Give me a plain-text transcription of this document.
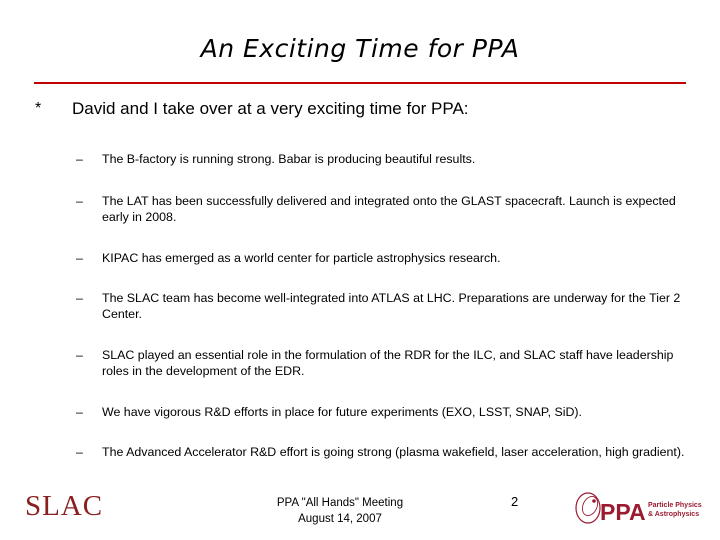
An Exciting Time for PPA
* David and I take over at a very exciting time for PPA:
– The B-factory is running strong. Babar is producing beautiful results.
– The LAT has been successfully delivered and integrated onto the GLAST spacecraft. Launch is expected early in 2008.
– KIPAC has emerged as a world center for particle astrophysics research.
– The SLAC team has become well-integrated into ATLAS at LHC. Preparations are underway for the Tier 2 Center.
– SLAC played an essential role in the formulation of the RDR for the ILC, and SLAC staff have leadership roles in the development of the EDR.
– We have vigorous R&D efforts in place for future experiments (EXO, LSST, SNAP, SiD).
– The Advanced Accelerator R&D effort is going strong (plasma wakefield, laser acceleration, high gradient).
SLAC	PPA "All Hands" Meeting
August 14, 2007
2	PPA Particle Physics
& Astrophysics
